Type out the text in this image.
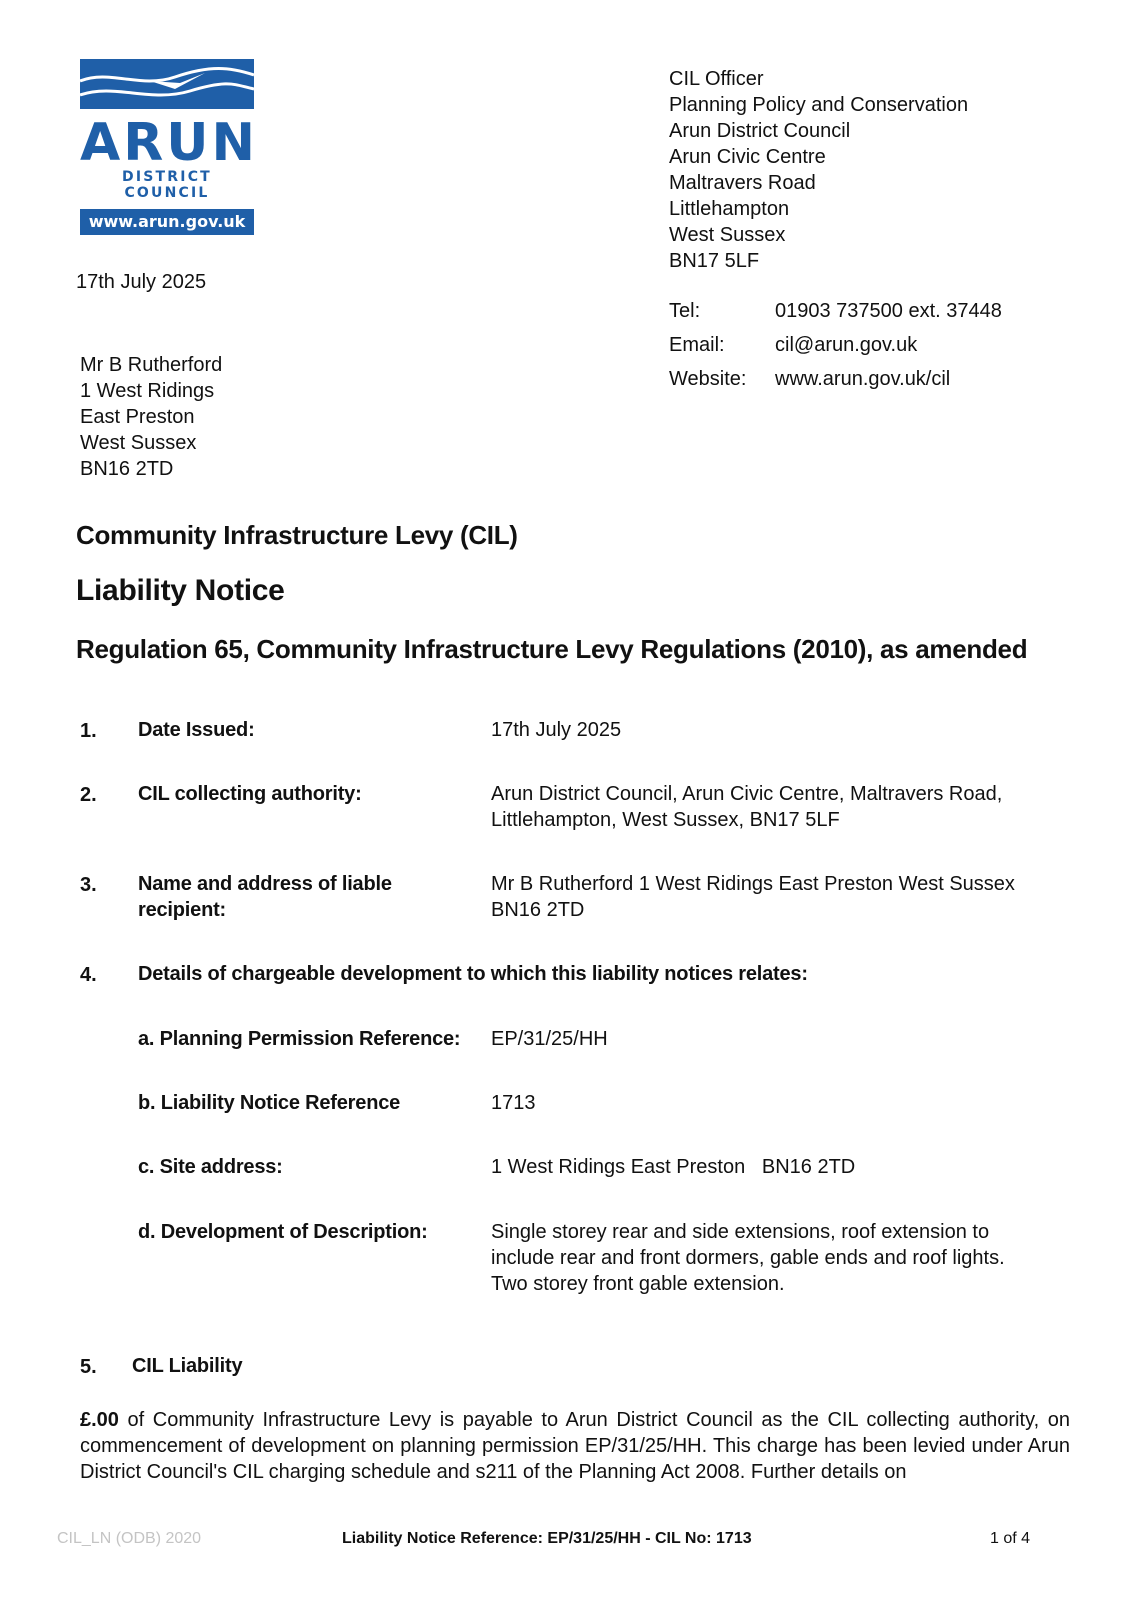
ARUN
DISTRICT COUNCIL
www.arun.gov.uk
CIL Officer
Planning Policy and Conservation
Arun District Council
Arun Civic Centre
Maltravers Road
Littlehampton
West Sussex
BN17 5LF
Tel:	01903 737500 ext. 37448
Email:	cil@arun.gov.uk
Website: www.arun.gov.uk/cil
17th July 2025
Mr B Rutherford
1 West Ridings
East Preston
West Sussex
BN16 2TD
Community Infrastructure Levy (CIL)
Liability Notice
Regulation 65, Community Infrastructure Levy Regulations (2010), as amended
1. Date Issued:	17th July 2025
2. CIL collecting authority:	Arun District Council, Arun Civic Centre, Maltravers Road,
Littlehampton, West Sussex, BN17 5LF
3. Name and address of liable
recipient:
Mr B Rutherford 1 West Ridings East Preston West Sussex
BN16 2TD
4. Details of chargeable development to which this liability notices relates:
a. Planning Permission Reference: EP/31/25/HH
b. Liability Notice Reference	1713
c. Site address:	1 West Ridings East Preston   BN16 2TD
d. Development of Description:	Single storey rear and side extensions, roof extension to
include rear and front dormers, gable ends and roof lights.
Two storey front gable extension.
5. CIL Liability
£.00 of Community Infrastructure Levy is payable to Arun District Council as the CIL collecting authority, on commencement of development on planning permission EP/31/25/HH. This charge has been levied under Arun District Council's CIL charging schedule and s211 of the Planning Act 2008. Further details on
CIL_LN (ODB) 2020	Liability Notice Reference: EP/31/25/HH - CIL No: 1713	1 of 4
